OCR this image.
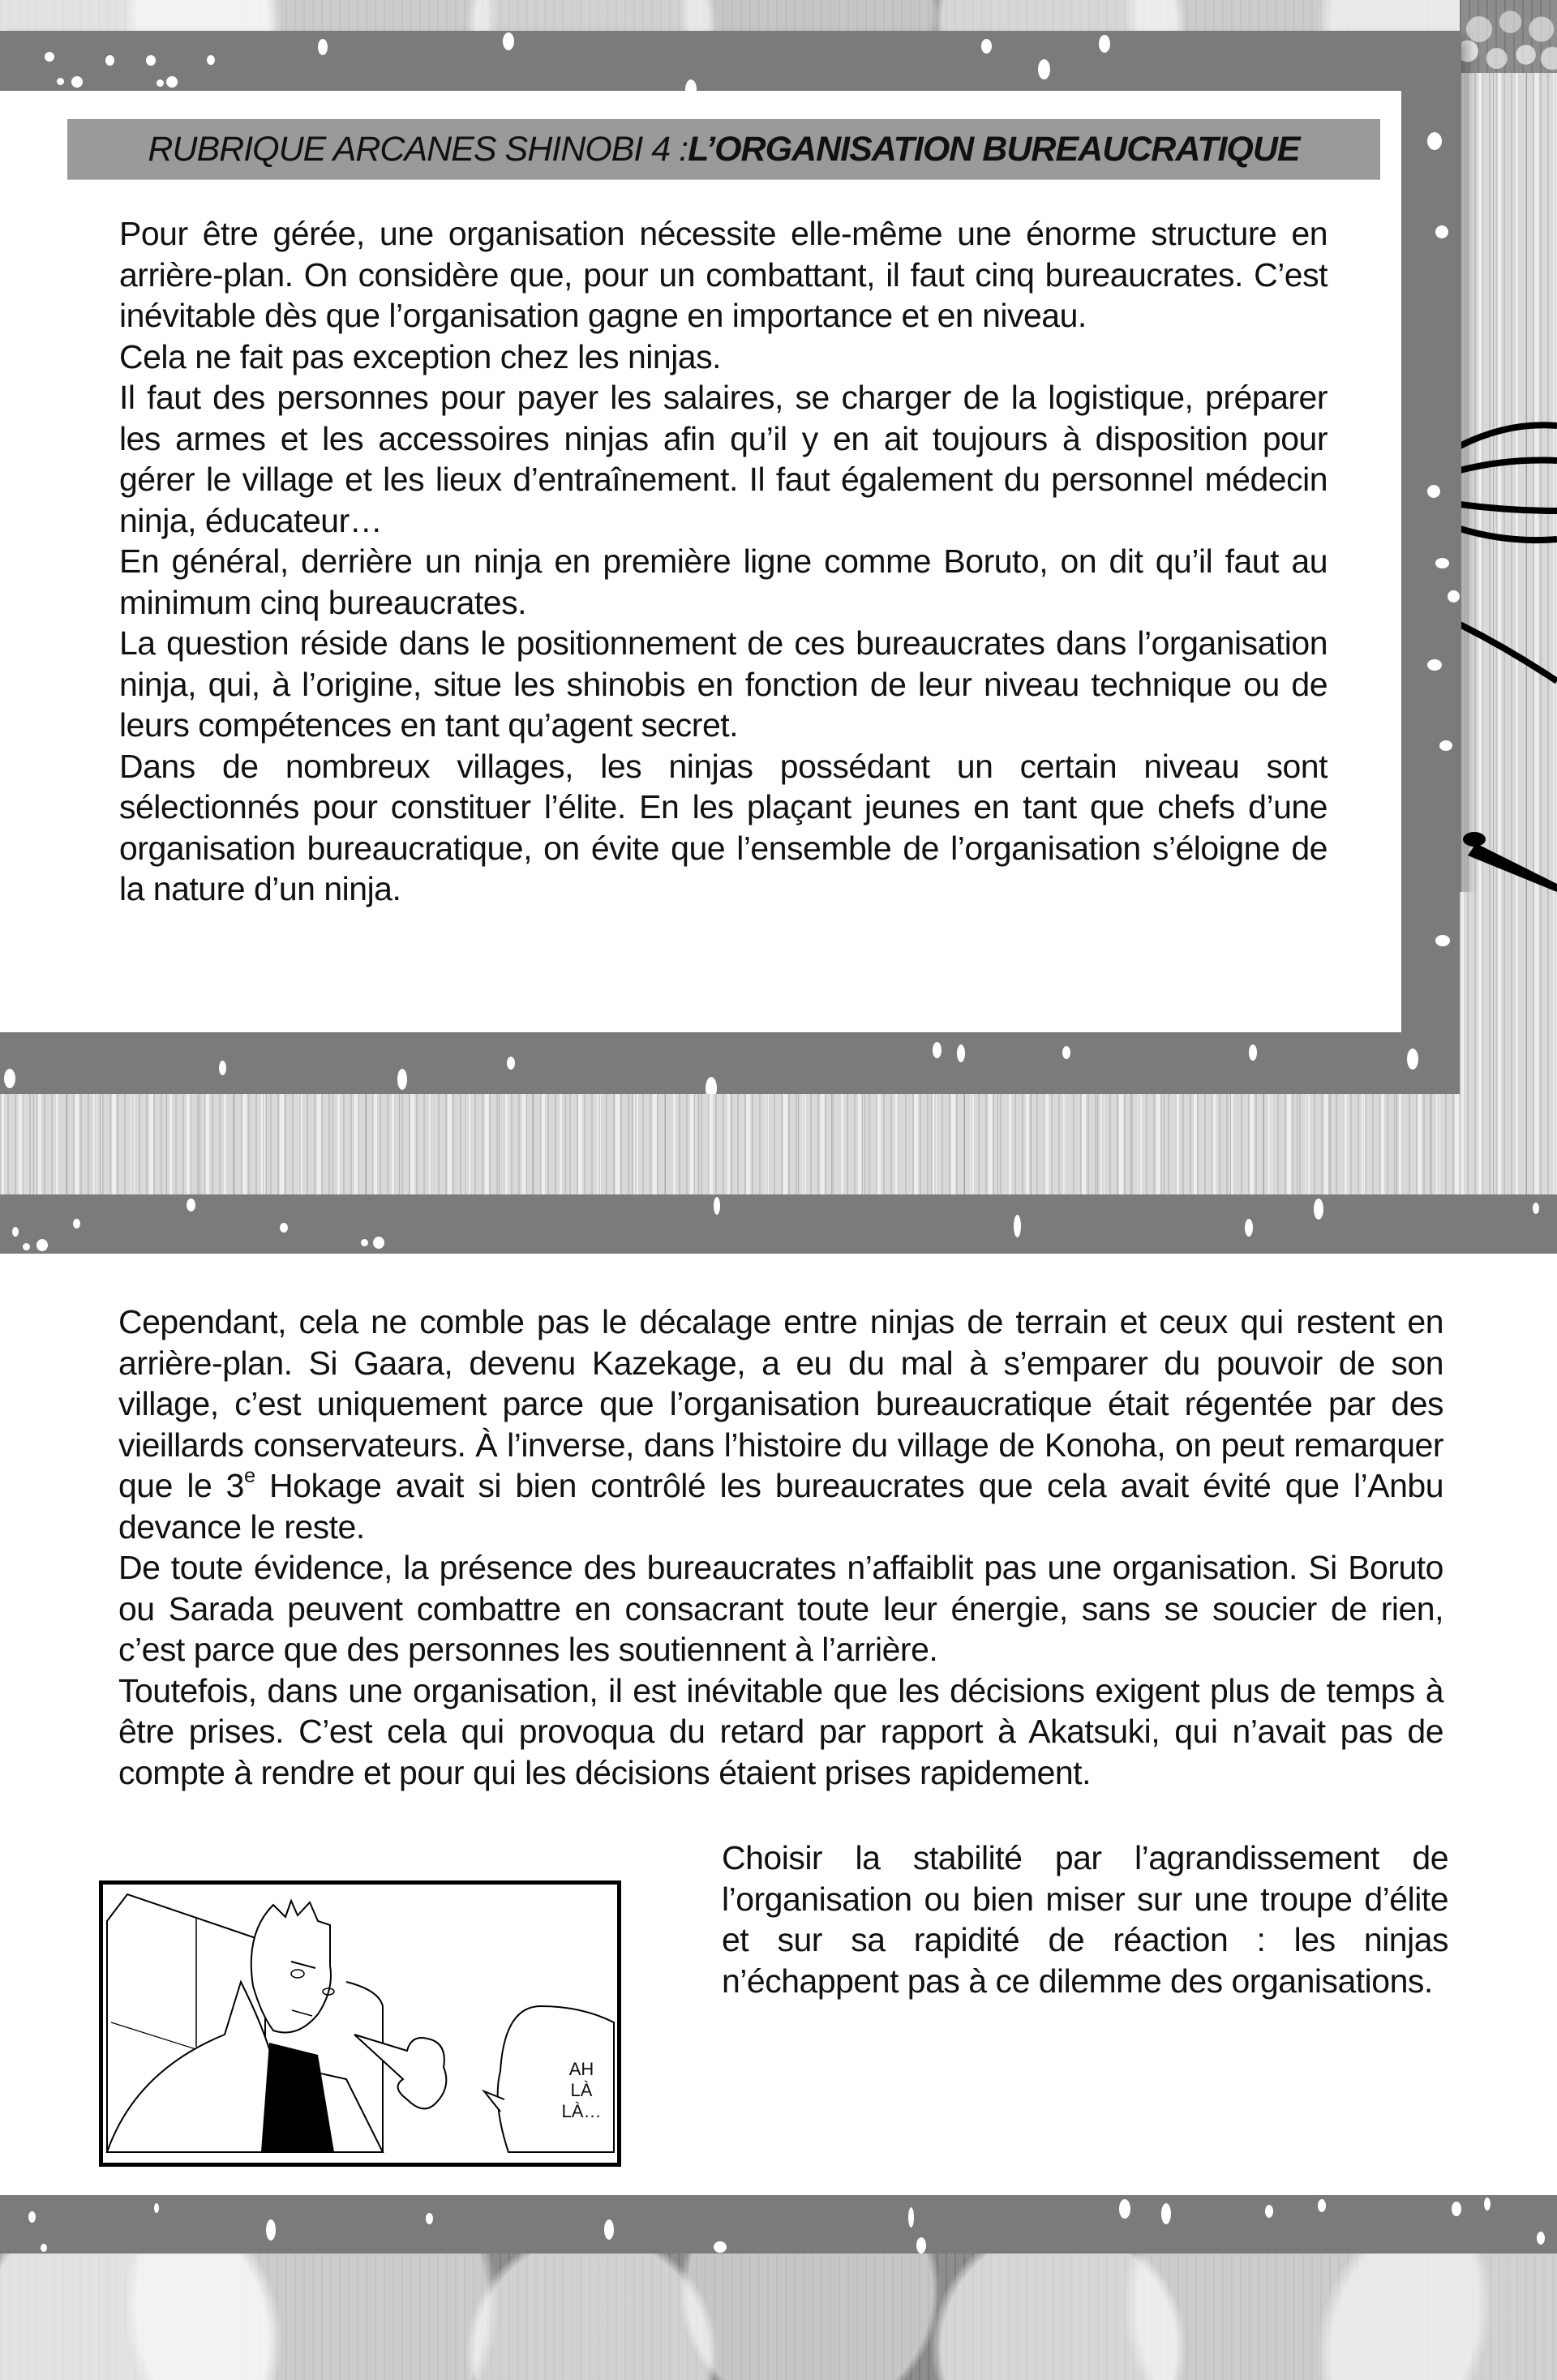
RUBRIQUE ARCANES SHINOBI 4 : L’ORGANISATION BUREAUCRATIQUE

Pour être gérée, une organisation nécessite elle-même une énorme structure en arrière-plan. On considère que, pour un combattant, il faut cinq bureaucrates. C’est inévitable dès que l’organisation gagne en importance et en niveau.

Cela ne fait pas exception chez les ninjas.

Il faut des personnes pour payer les salaires, se charger de la logistique, préparer les armes et les accessoires ninjas afin qu’il y en ait toujours à disposition pour gérer le village et les lieux d’entraînement. Il faut également du personnel médecin ninja, éducateur…

En général, derrière un ninja en première ligne comme Boruto, on dit qu’il faut au minimum cinq bureaucrates.

La question réside dans le positionnement de ces bureaucrates dans l’organisation ninja, qui, à l’origine, situe les shinobis en fonction de leur niveau technique ou de leurs compétences en tant qu’agent secret.

Dans de nombreux villages, les ninjas possédant un certain niveau sont sélectionnés pour constituer l’élite. En les plaçant jeunes en tant que chefs d’une organisation bureaucratique, on évite que l’ensemble de l’organisation s’éloigne de la nature d’un ninja.

Cependant, cela ne comble pas le décalage entre ninjas de terrain et ceux qui restent en arrière-plan. Si Gaara, devenu Kazekage, a eu du mal à s’emparer du pouvoir de son village, c’est uniquement parce que l’organisation bureaucratique était régentée par des vieillards conservateurs. À l’inverse, dans l’histoire du village de Konoha, on peut remarquer que le 3e Hokage avait si bien contrôlé les bureaucrates que cela avait évité que l’Anbu devance le reste.

De toute évidence, la présence des bureaucrates n’affaiblit pas une organisation. Si Boruto ou Sarada peuvent combattre en consacrant toute leur énergie, sans se soucier de rien, c’est parce que des personnes les soutiennent à l’arrière.

Toutefois, dans une organisation, il est inévitable que les décisions exigent plus de temps à être prises. C’est cela qui provoqua du retard par rapport à Akatsuki, qui n’avait pas de compte à rendre et pour qui les décisions étaient prises rapidement.

Choisir la stabilité par l’agrandissement de l’organisation ou bien miser sur une troupe d’élite et sur sa rapidité de réaction : les ninjas n’échappent pas à ce dilemme des organisations.

AH
LÀ
LÀ…
